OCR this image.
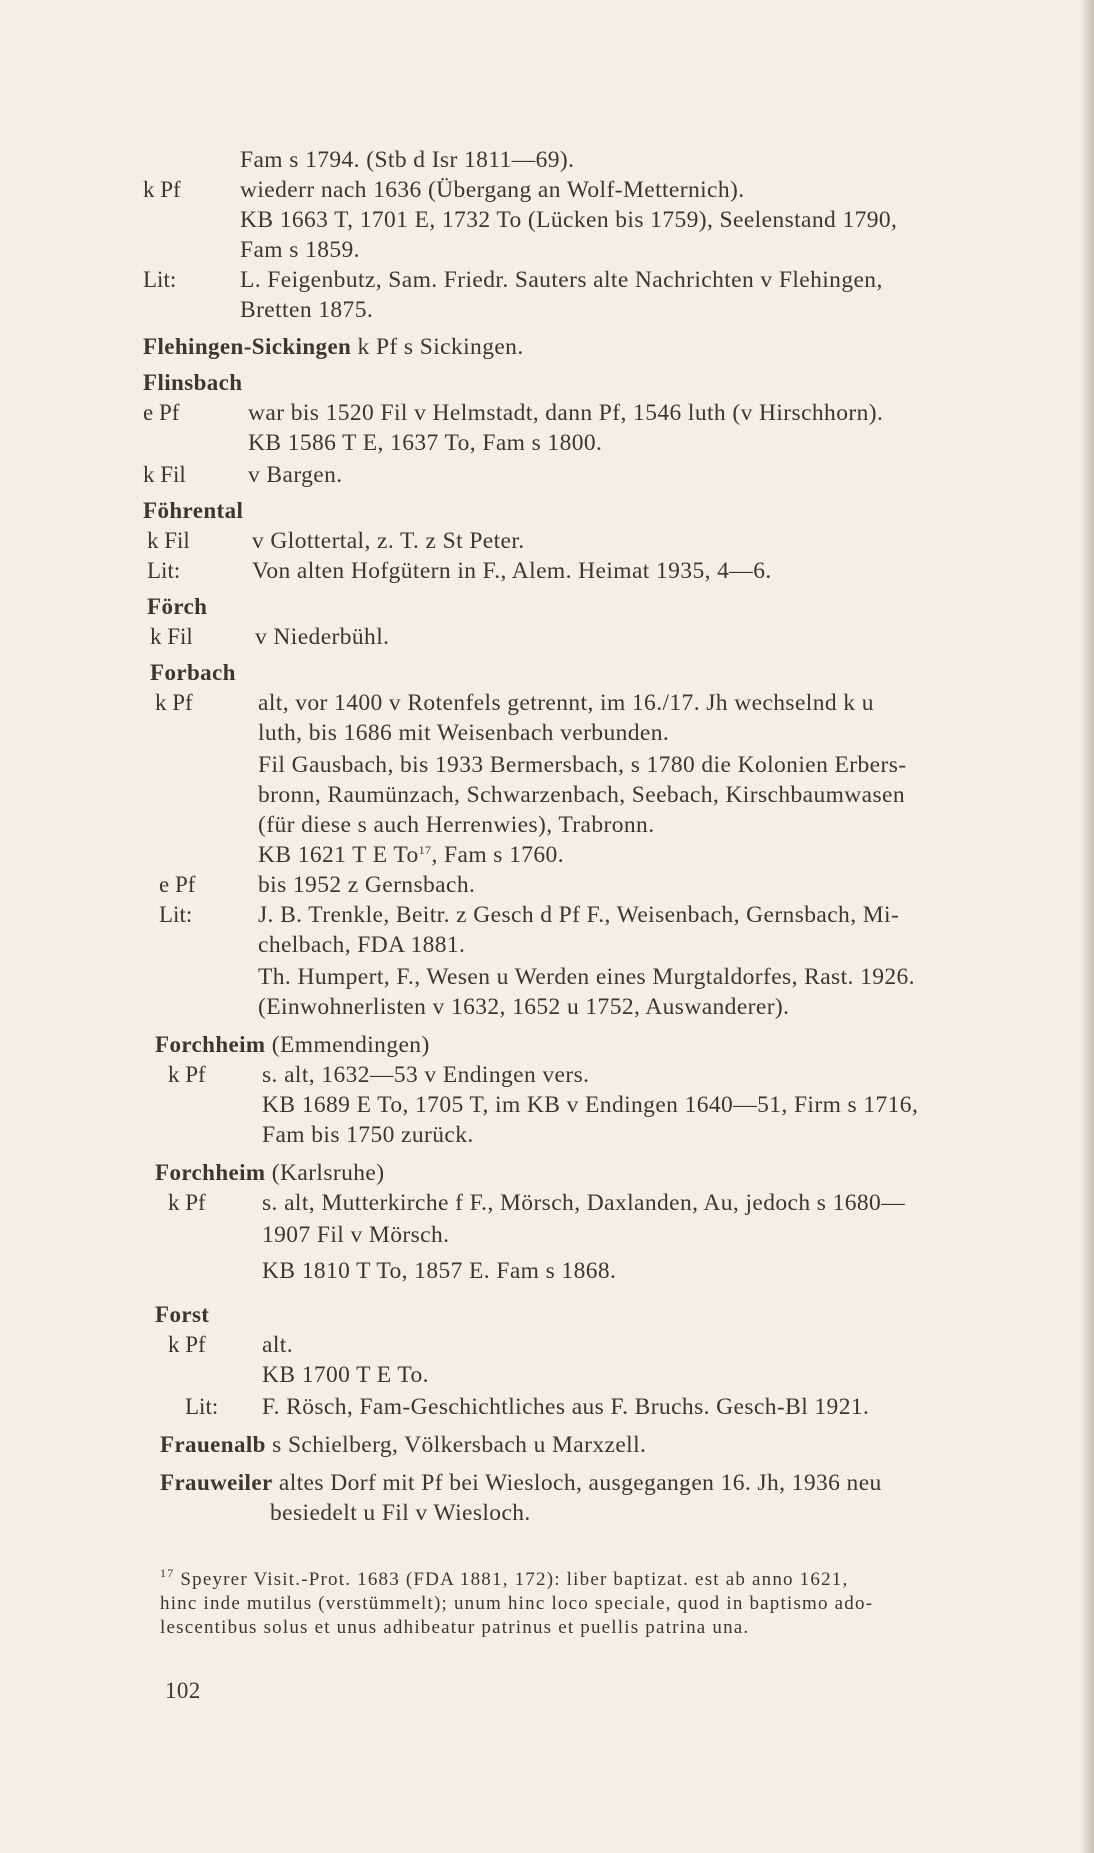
Fam s 1794. (Stb d Isr 1811—69).
k Pf	wiederr nach 1636 (Übergang an Wolf-Metternich).
KB 1663 T, 1701 E, 1732 To (Lücken bis 1759), Seelenstand 1790,
Fam s 1859.
Lit:	L. Feigenbutz, Sam. Friedr. Sauters alte Nachrichten v Flehingen,
Bretten 1875.
Flehingen-Sickingen k Pf s Sickingen.
Flinsbach
e Pf	war bis 1520 Fil v Helmstadt, dann Pf, 1546 luth (v Hirschhorn).
KB 1586 T E, 1637 To, Fam s 1800.
k Fil	v Bargen.
Föhrental
k Fil	v Glottertal, z. T. z St Peter.
Lit:	Von alten Hofgütern in F., Alem. Heimat 1935, 4—6.
Förch
k Fil	v Niederbühl.
Forbach
k Pf	alt, vor 1400 v Rotenfels getrennt, im 16./17. Jh wechselnd k u
luth, bis 1686 mit Weisenbach verbunden.
Fil Gausbach, bis 1933 Bermersbach, s 1780 die Kolonien Erbers-
bronn, Raumünzach, Schwarzenbach, Seebach, Kirschbaumwasen
(für diese s auch Herrenwies), Trabronn.
KB 1621 T E To$^{17}$, Fam s 1760.
e Pf	bis 1952 z Gernsbach.
Lit:	J. B. Trenkle, Beitr. z Gesch d Pf F., Weisenbach, Gernsbach, Mi-
chelbach, FDA 1881.
Th. Humpert, F., Wesen u Werden eines Murgtaldorfes, Rast. 1926.
(Einwohnerlisten v 1632, 1652 u 1752, Auswanderer).
Forchheim (Emmendingen)
k Pf s. alt, 1632—53 v Endingen vers.
KB 1689 E To, 1705 T, im KB v Endingen 1640—51, Firm s 1716,
Fam bis 1750 zurück.
Forchheim (Karlsruhe)
k Pf s. alt, Mutterkirche f F., Mörsch, Daxlanden, Au, jedoch s 1680—
1907 Fil v Mörsch.
KB 1810 T To, 1857 E. Fam s 1868.
Forst
k Pf alt.
KB 1700 T E To.
Lit: F. Rösch, Fam-Geschichtliches aus F. Bruchs. Gesch-Bl 1921.
Frauenalb s Schielberg, Völkersbach u Marxzell.
Frauweiler altes Dorf mit Pf bei Wiesloch, ausgegangen 16. Jh, 1936 neu
besiedelt u Fil v Wiesloch.
$^{17}$ Speyrer Visit.-Prot. 1683 (FDA 1881, 172): liber baptizat. est ab anno 1621,
hinc inde mutilus (verstümmelt); unum hinc loco speciale, quod in baptismo ado-
lescentibus solus et unus adhibeatur patrinus et puellis patrina una.
102
